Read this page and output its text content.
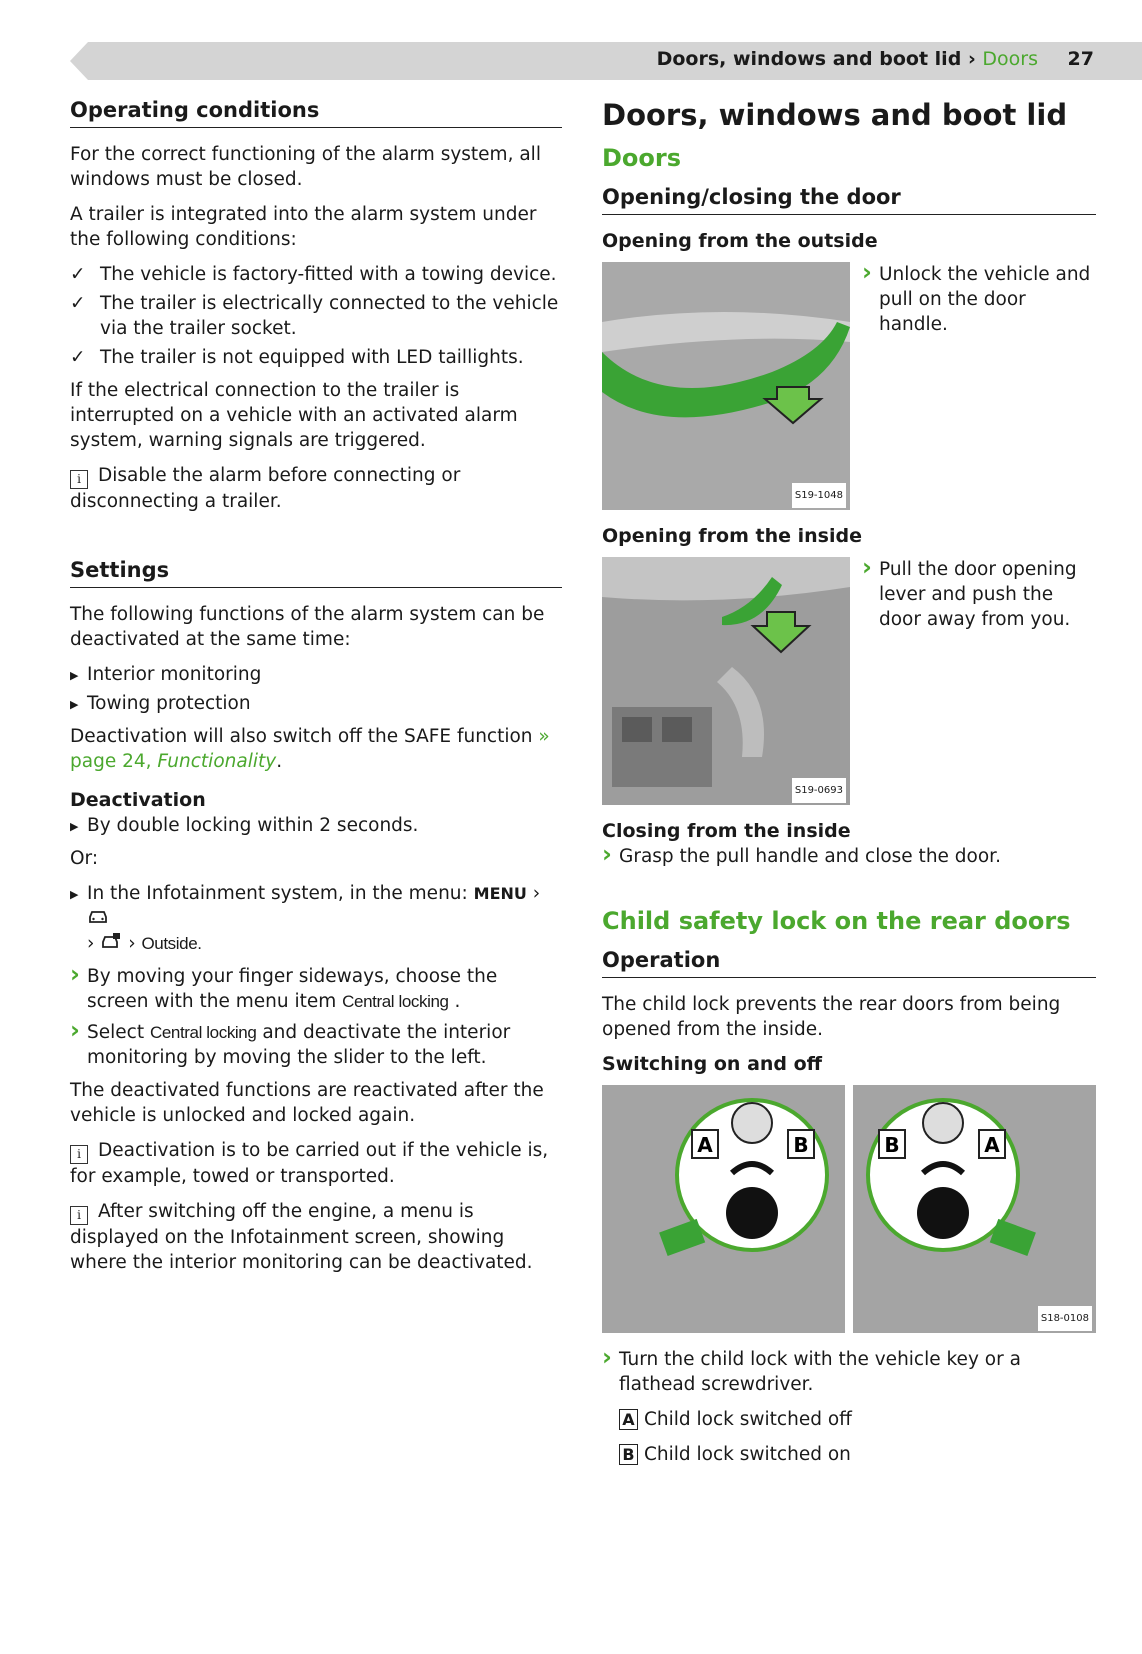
Doors, windows and boot lid › Doors 27
Operating conditions

For the correct functioning of the alarm system, all windows must be closed.

A trailer is integrated into the alarm system under the following conditions:

✓ The vehicle is factory-fitted with a towing device.
✓ The trailer is electrically connected to the vehicle via the trailer socket.
✓ The trailer is not equipped with LED taillights.

If the electrical connection to the trailer is interrupted on a vehicle with an activated alarm system, warning signals are triggered.

i Disable the alarm before connecting or disconnecting a trailer.

Settings

The following functions of the alarm system can be deactivated at the same time:

▶ Interior monitoring
▶ Towing protection

Deactivation will also switch off the SAFE function » page 24, Functionality.

Deactivation
▶ By double locking within 2 seconds.

Or:

▶ In the Infotainment system, in the menu: MENU ›
› › Outside.
› By moving your finger sideways, choose the screen with the menu item Central locking .
› Select Central locking and deactivate the interior monitoring by moving the slider to the left.

The deactivated functions are reactivated after the vehicle is unlocked and locked again.

i Deactivation is to be carried out if the vehicle is, for example, towed or transported.

i After switching off the engine, a menu is displayed on the Infotainment screen, showing where the interior monitoring can be deactivated.

Doors, windows and boot lid
Doors
Opening/closing the door
Opening from the outside
S19-1048
› Unlock the vehicle and pull on the door handle.
Opening from the inside
S19-0693
› Pull the door opening lever and push the door away from you.
Closing from the inside
› Grasp the pull handle and close the door.
Child safety lock on the rear doors
Operation

The child lock prevents the rear doors from being opened from the inside.

Switching on and off
A	B	B	A
S18-0108
› Turn the child lock with the vehicle key or a flathead screwdriver.

A Child lock switched off

B Child lock switched on
